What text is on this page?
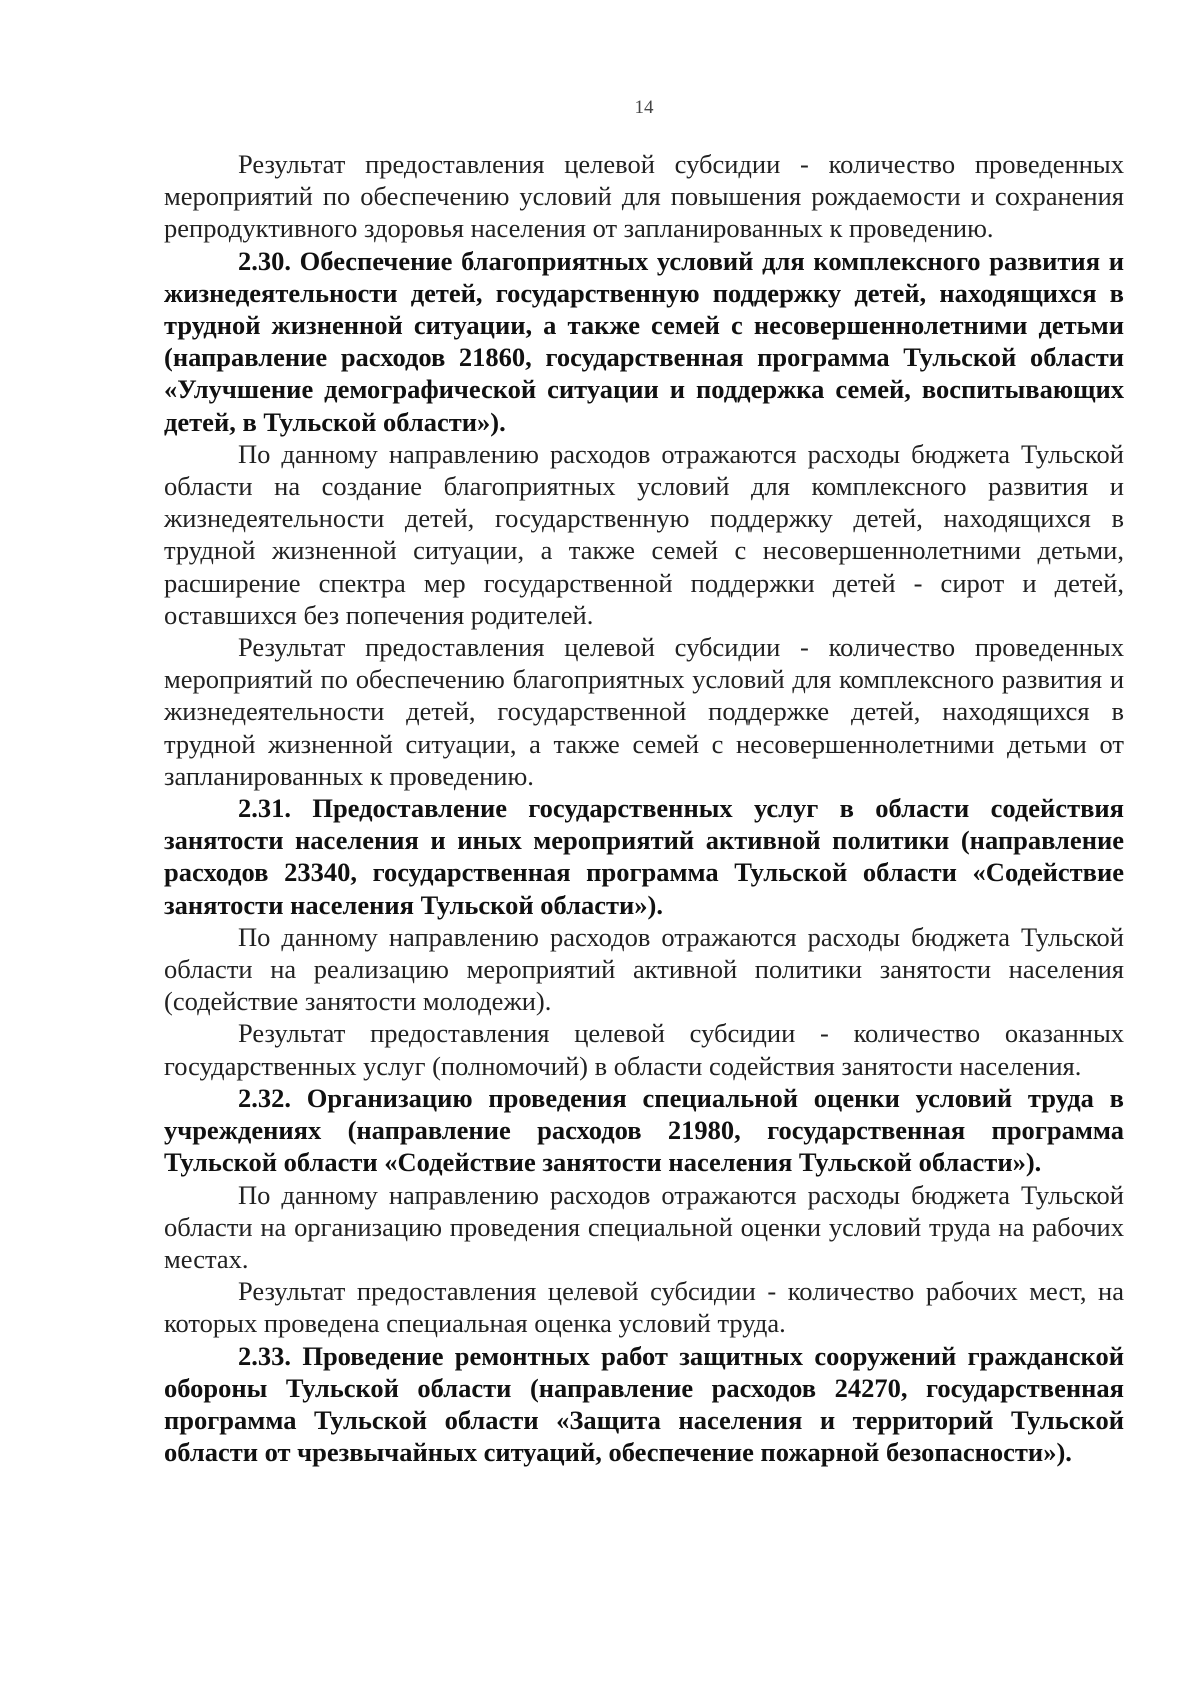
14

Результат предоставления целевой субсидии - количество проведенных мероприятий по обеспечению условий для повышения рождаемости и сохранения репродуктивного здоровья населения от запланированных к проведению.

2.30. Обеспечение благоприятных условий для комплексного развития и жизнедеятельности детей, государственную поддержку детей, находящихся в трудной жизненной ситуации, а также семей с несовершеннолетними детьми (направление расходов 21860, государственная программа Тульской области «Улучшение демографической ситуации и поддержка семей, воспитывающих детей, в Тульской области»).

По данному направлению расходов отражаются расходы бюджета Тульской области на создание благоприятных условий для комплексного развития и жизнедеятельности детей, государственную поддержку детей, находящихся в трудной жизненной ситуации, а также семей с несовершеннолетними детьми, расширение спектра мер государственной поддержки детей - сирот и детей, оставшихся без попечения родителей.

Результат предоставления целевой субсидии - количество проведенных мероприятий по обеспечению благоприятных условий для комплексного развития и жизнедеятельности детей, государственной поддержке детей, находящихся в трудной жизненной ситуации, а также семей с несовершеннолетними детьми от запланированных к проведению.

2.31. Предоставление государственных услуг в области содействия занятости населения и иных мероприятий активной политики (направление расходов 23340, государственная программа Тульской области «Содействие занятости населения Тульской области»).

По данному направлению расходов отражаются расходы бюджета Тульской области на реализацию мероприятий активной политики занятости населения (содействие занятости молодежи).

Результат предоставления целевой субсидии - количество оказанных государственных услуг (полномочий) в области содействия занятости населения.

2.32. Организацию проведения специальной оценки условий труда в учреждениях (направление расходов 21980, государственная программа Тульской области «Содействие занятости населения Тульской области»).

По данному направлению расходов отражаются расходы бюджета Тульской области на организацию проведения специальной оценки условий труда на рабочих местах.

Результат предоставления целевой субсидии - количество рабочих мест, на которых проведена специальная оценка условий труда.

2.33. Проведение ремонтных работ защитных сооружений гражданской обороны Тульской области (направление расходов 24270, государственная программа Тульской области «Защита населения и территорий Тульской области от чрезвычайных ситуаций, обеспечение пожарной безопасности»).
